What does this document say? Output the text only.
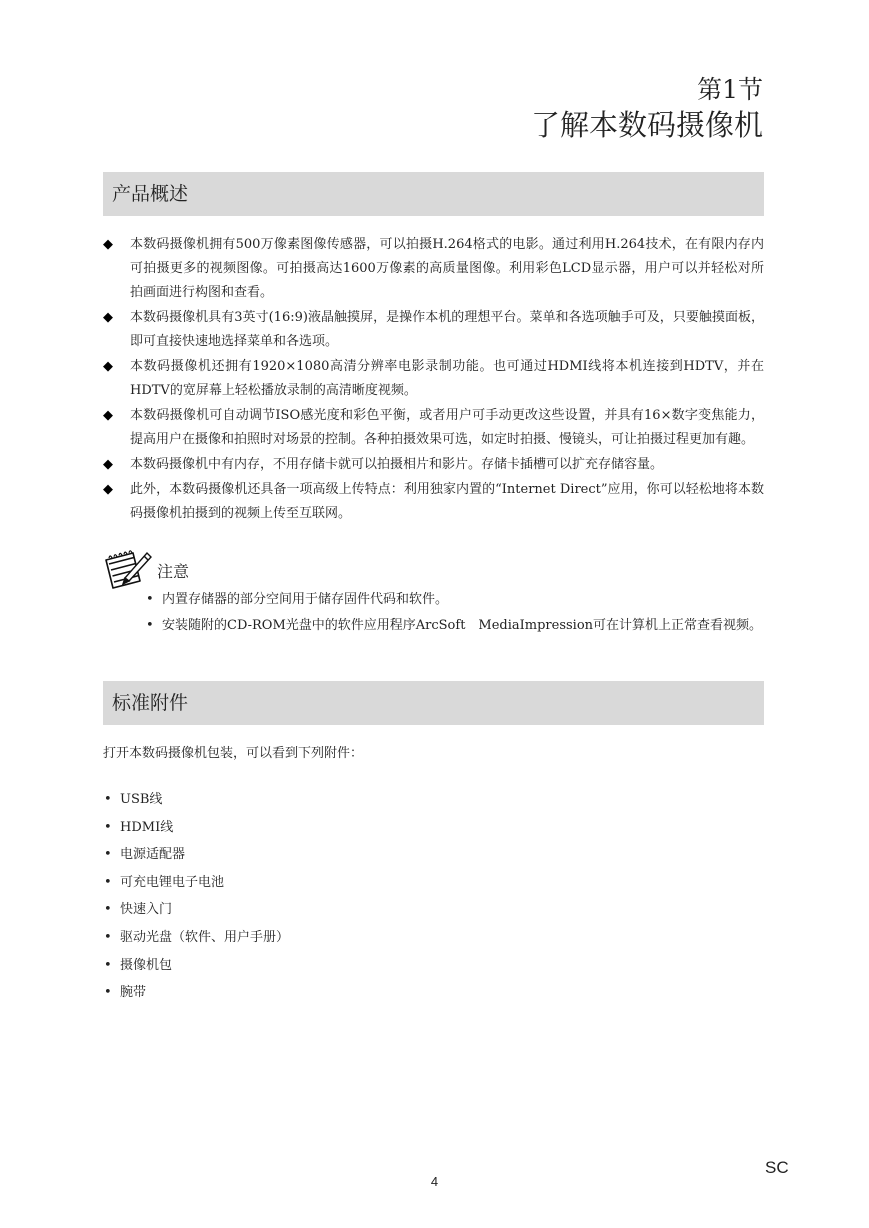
第1节
了解本数码摄像机
产品概述
◆ 本数码摄像机拥有500万像素图像传感器，可以拍摄H.264格式的电影。通过利用H.264技术，在有限内存内可拍摄更多的视频图像。可拍摄高达1600万像素的高质量图像。利用彩色LCD显示器，用户可以并轻松对所拍画面进行构图和查看。
◆ 本数码摄像机具有3英寸(16:9)液晶触摸屏，是操作本机的理想平台。菜单和各选项触手可及，只要触摸面板，即可直接快速地选择菜单和各选项。
◆ 本数码摄像机还拥有1920×1080高清分辨率电影录制功能。也可通过HDMI线将本机连接到HDTV，并在HDTV的宽屏幕上轻松播放录制的高清晰度视频。
◆ 本数码摄像机可自动调节ISO感光度和彩色平衡，或者用户可手动更改这些设置，并具有16×数字变焦能力，提高用户在摄像和拍照时对场景的控制。各种拍摄效果可选，如定时拍摄、慢镜头，可让拍摄过程更加有趣。
◆ 本数码摄像机中有内存，不用存储卡就可以拍摄相片和影片。存储卡插槽可以扩充存储容量。
◆ 此外，本数码摄像机还具备一项高级上传特点：利用独家内置的“Internet Direct”应用，你可以轻松地将本数码摄像机拍摄到的视频上传至互联网。
注意
• 内置存储器的部分空间用于储存固件代码和软件。
• 安装随附的CD-ROM光盘中的软件应用程序ArcSoft　MediaImpression可在计算机上正常查看视频。
标准附件
打开本数码摄像机包装，可以看到下列附件：
• USB线
• HDMI线
• 电源适配器
• 可充电锂电子电池
• 快速入门
• 驱动光盘（软件、用户手册）
• 摄像机包
• 腕带
SC
4
